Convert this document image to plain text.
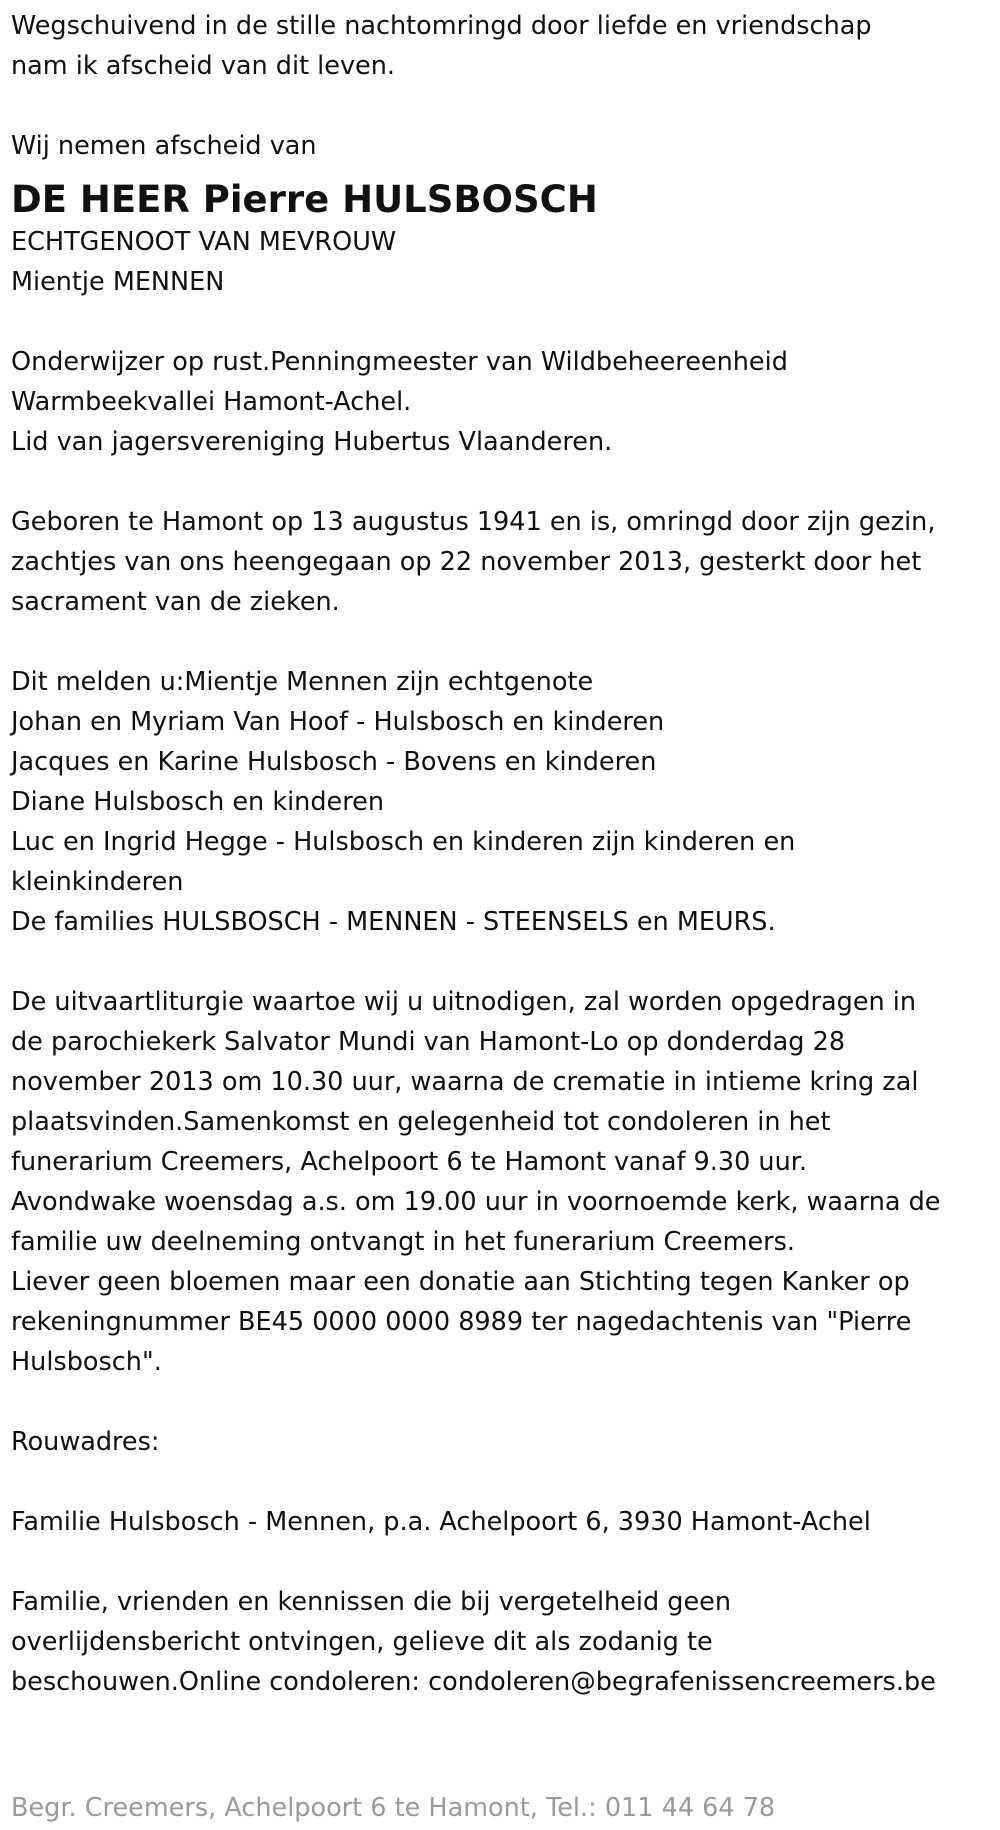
Wegschuivend in de stille nachtomringd door liefde en vriendschap
nam ik afscheid van dit leven.
Wij nemen afscheid van
DE HEER Pierre HULSBOSCH
ECHTGENOOT VAN MEVROUW
Mientje MENNEN
Onderwijzer op rust.Penningmeester van Wildbeheereenheid
Warmbeekvallei Hamont-Achel.
Lid van jagersvereniging Hubertus Vlaanderen.
Geboren te Hamont op 13 augustus 1941 en is, omringd door zijn gezin,
zachtjes van ons heengegaan op 22 november 2013, gesterkt door het
sacrament van de zieken.
Dit melden u:Mientje Mennen zijn echtgenote
Johan en Myriam Van Hoof - Hulsbosch en kinderen
Jacques en Karine Hulsbosch - Bovens en kinderen
Diane Hulsbosch en kinderen
Luc en Ingrid Hegge - Hulsbosch en kinderen zijn kinderen en
kleinkinderen
De families HULSBOSCH - MENNEN - STEENSELS en MEURS.
De uitvaartliturgie waartoe wij u uitnodigen, zal worden opgedragen in
de parochiekerk Salvator Mundi van Hamont-Lo op donderdag 28
november 2013 om 10.30 uur, waarna de crematie in intieme kring zal
plaatsvinden.Samenkomst en gelegenheid tot condoleren in het
funerarium Creemers, Achelpoort 6 te Hamont vanaf 9.30 uur.
Avondwake woensdag a.s. om 19.00 uur in voornoemde kerk, waarna de
familie uw deelneming ontvangt in het funerarium Creemers.
Liever geen bloemen maar een donatie aan Stichting tegen Kanker op
rekeningnummer BE45 0000 0000 8989 ter nagedachtenis van "Pierre
Hulsbosch".
Rouwadres:
Familie Hulsbosch - Mennen, p.a. Achelpoort 6, 3930 Hamont-Achel
Familie, vrienden en kennissen die bij vergetelheid geen
overlijdensbericht ontvingen, gelieve dit als zodanig te
beschouwen.Online condoleren: condoleren@begrafenissencreemers.be
Begr. Creemers, Achelpoort 6 te Hamont, Tel.: 011 44 64 78
